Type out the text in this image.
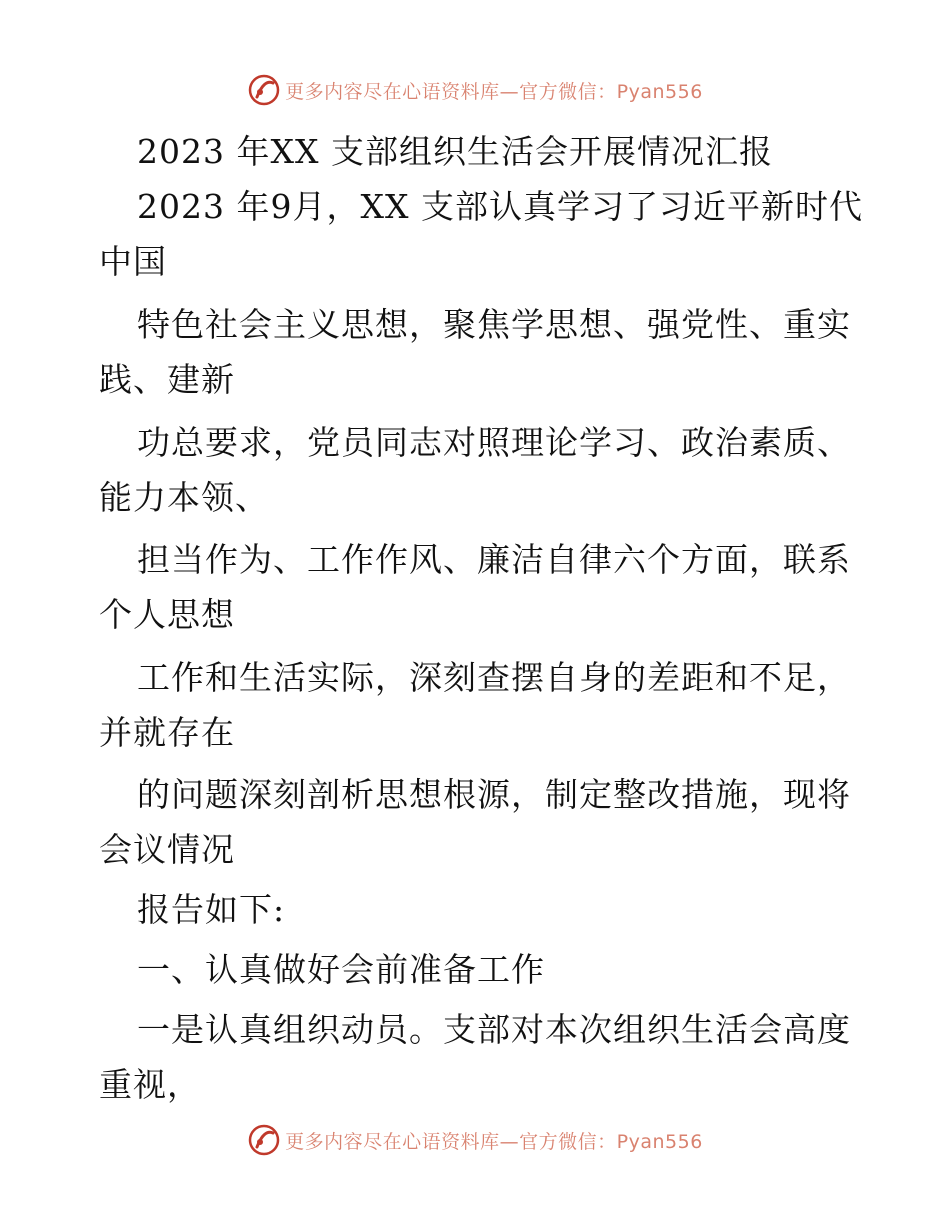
更多内容尽在心语资料库—官方微信：Pyan556
2023 年XX 支部组织生活会开展情况汇报
2023 年9月，XX 支部认真学习了习近平新时代
中国
特色社会主义思想，聚焦学思想、强党性、重实
践、建新
功总要求，党员同志对照理论学习、政治素质、
能力本领、
担当作为、工作作风、廉洁自律六个方面，联系
个人思想
工作和生活实际，深刻查摆自身的差距和不足，
并就存在
的问题深刻剖析思想根源，制定整改措施，现将
会议情况
报告如下:
一、认真做好会前准备工作
一是认真组织动员。支部对本次组织生活会高度
重视，
更多内容尽在心语资料库—官方微信：Pyan556
